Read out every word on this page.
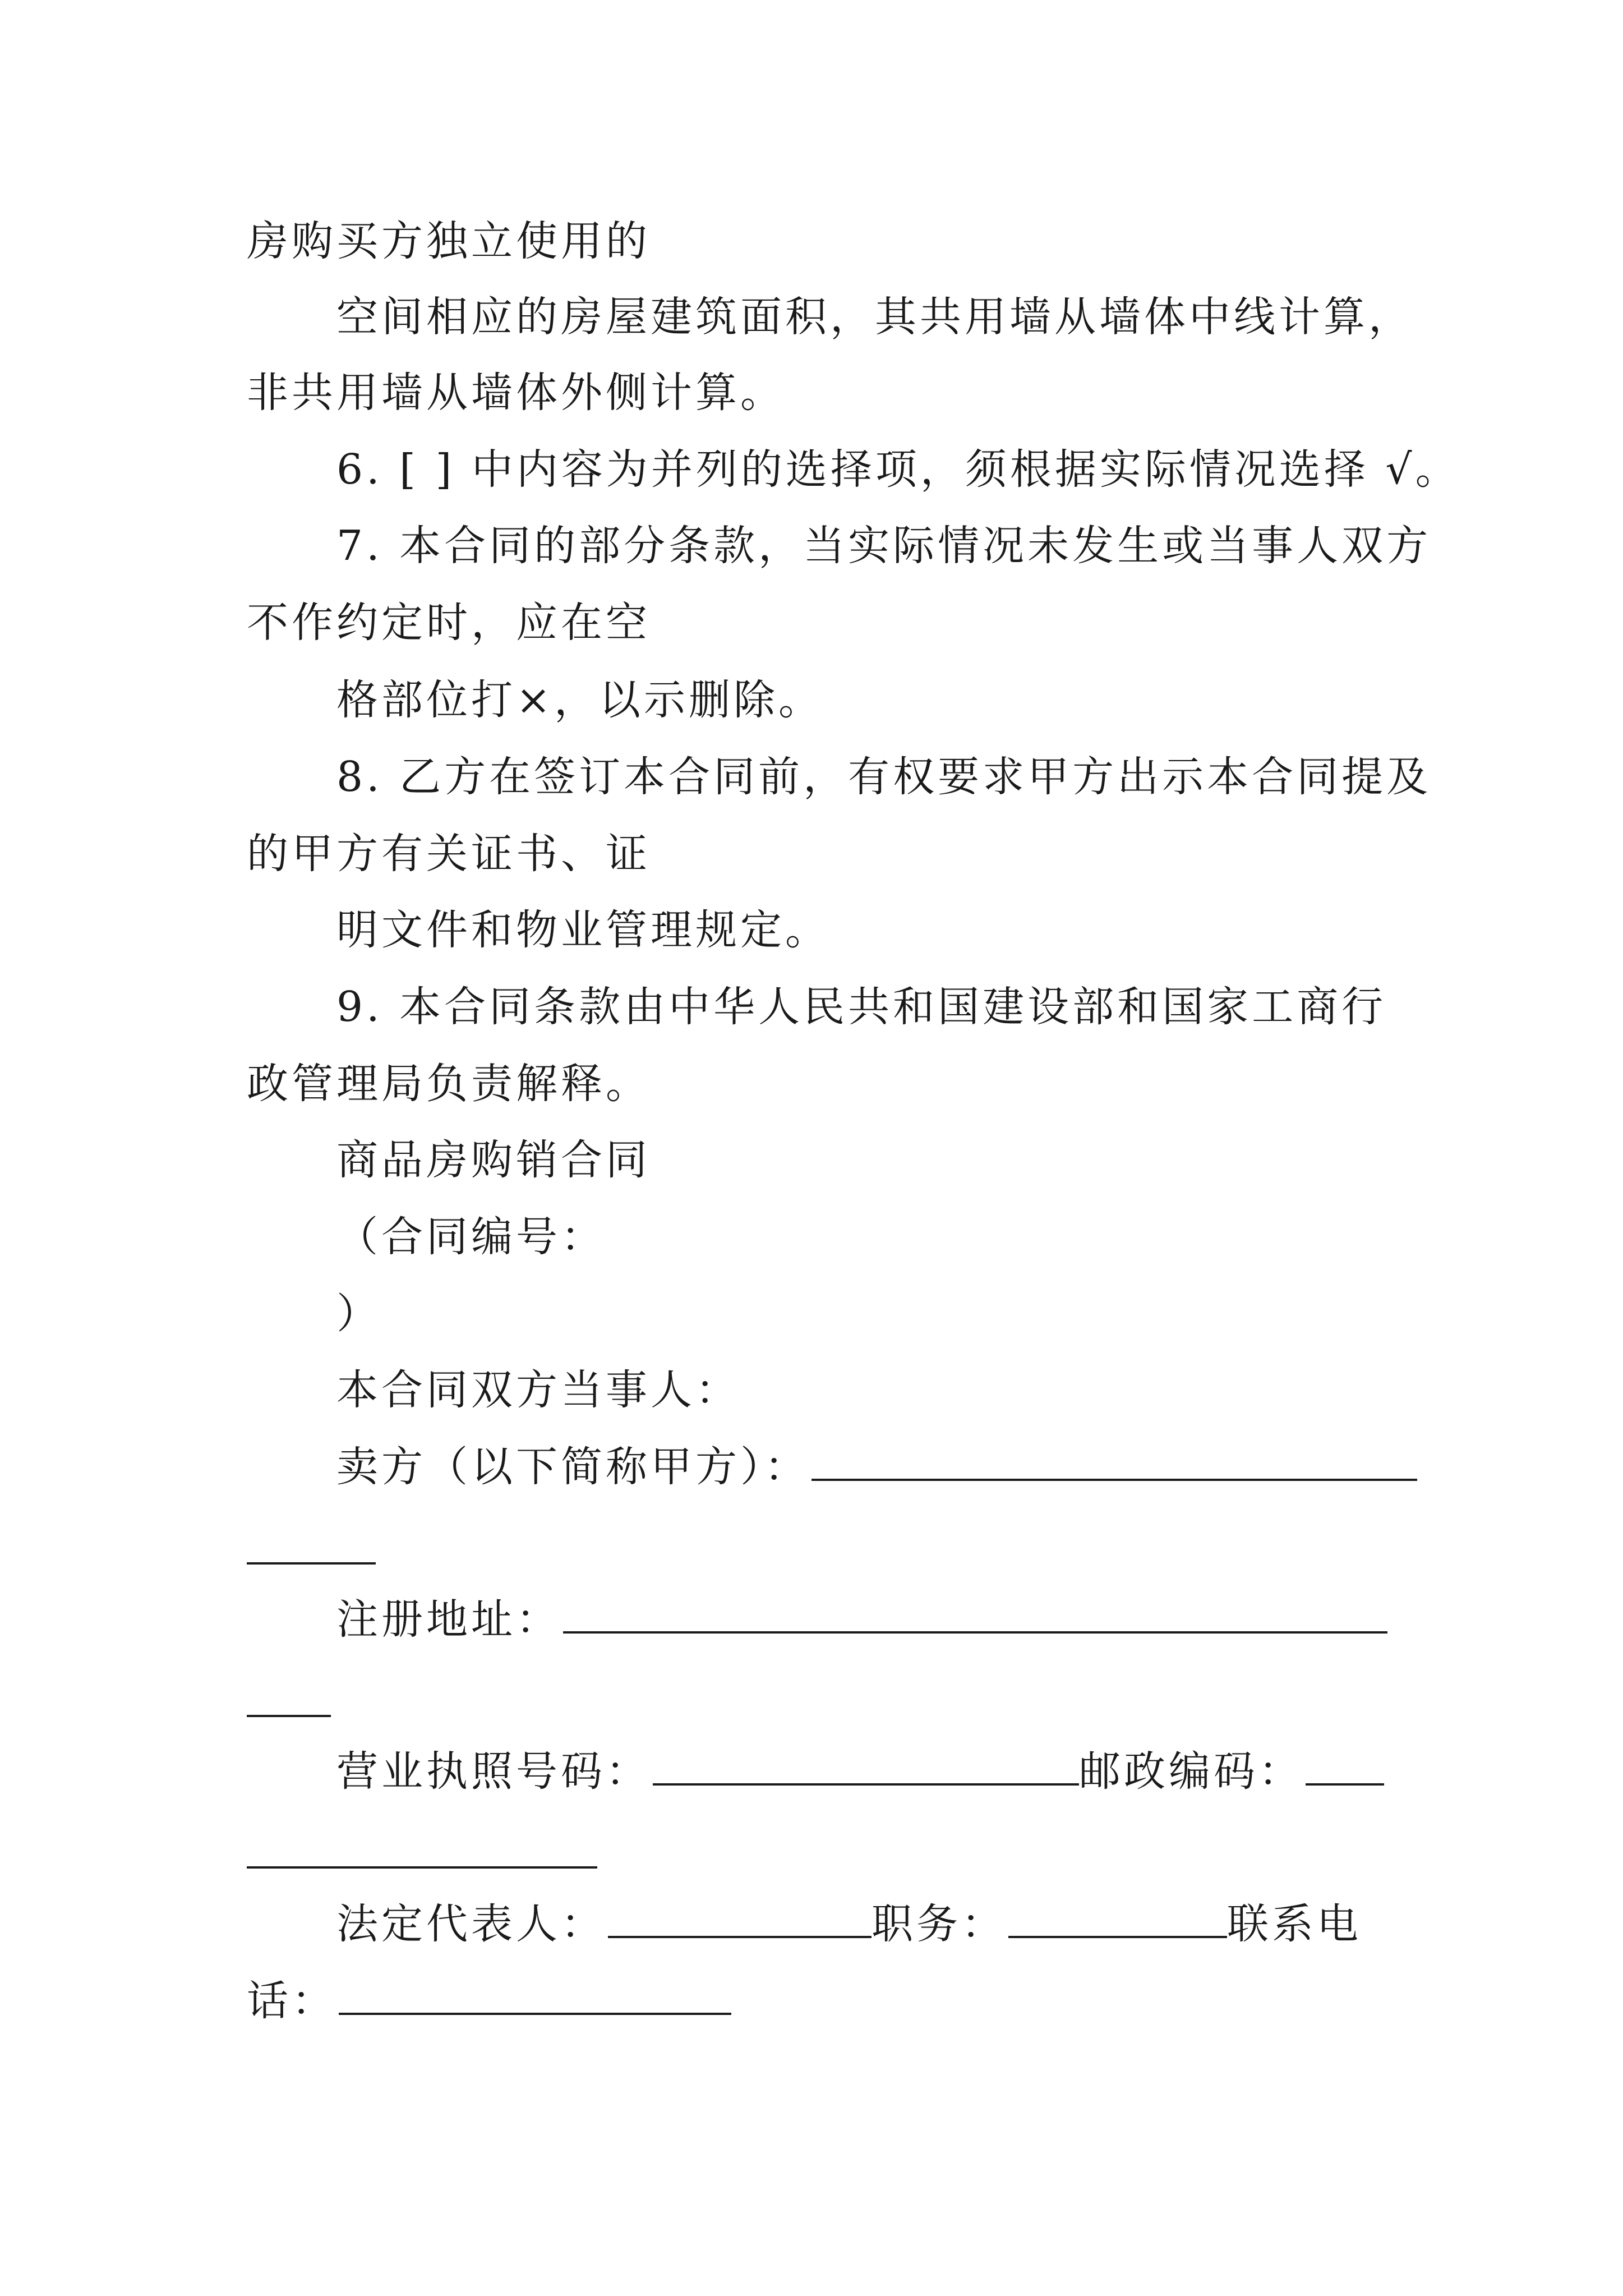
房购买方独立使用的
空间相应的房屋建筑面积，其共用墙从墙体中线计算，
非共用墙从墙体外侧计算。
6. [ ] 中内容为并列的选择项，须根据实际情况选择 √。
7. 本合同的部分条款，当实际情况未发生或当事人双方
不作约定时，应在空
格部位打×，以示删除。
8. 乙方在签订本合同前，有权要求甲方出示本合同提及
的甲方有关证书、证
明文件和物业管理规定。
9. 本合同条款由中华人民共和国建设部和国家工商行
政管理局负责解释。
商品房购销合同
（合同编号：
）
本合同双方当事人：
卖方（以下简称甲方）：
注册地址：
营业执照号码：	邮政编码：
法定代表人：	职务：	联系电
话：
